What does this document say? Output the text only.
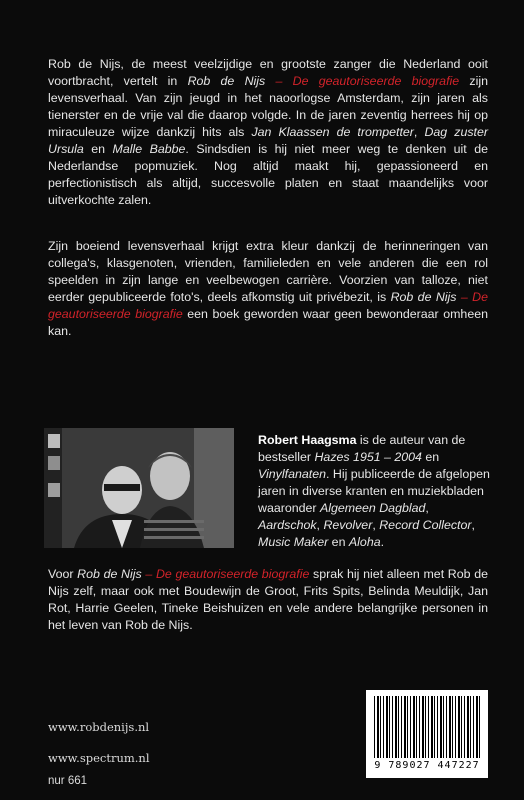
Rob de Nijs, de meest veelzijdige en grootste zanger die Nederland ooit voortbracht, vertelt in Rob de Nijs – De geautoriseerde biografie zijn levensverhaal. Van zijn jeugd in het naoorlogse Amsterdam, zijn jaren als tienerster en de vrije val die daarop volgde. In de jaren zeventig herrees hij op miraculeuze wijze dankzij hits als Jan Klaassen de trompetter, Dag zuster Ursula en Malle Babbe. Sindsdien is hij niet meer weg te denken uit de Nederlandse popmuziek. Nog altijd maakt hij, gepassioneerd en perfectionistisch als altijd, succesvolle platen en staat maandelijks voor uitverkochte zalen.

Zijn boeiend levensverhaal krijgt extra kleur dankzij de herinneringen van collega's, klasgenoten, vrienden, familieleden en vele anderen die een rol speelden in zijn lange en veelbewogen carrière. Voorzien van talloze, niet eerder gepubliceerde foto's, deels afkomstig uit privébezit, is Rob de Nijs – De geautoriseerde biografie een boek geworden waar geen bewonderaar omheen kan.

Robert Haagsma is de auteur van de bestseller Hazes 1951 – 2004 en Vinylfanaten. Hij publiceerde de afgelopen jaren in diverse kranten en muziekbladen waaronder Algemeen Dagblad, Aardschok, Revolver, Record Collector, Music Maker en Aloha.

Voor Rob de Nijs – De geautoriseerde biografie sprak hij niet alleen met Rob de Nijs zelf, maar ook met Boudewijn de Groot, Frits Spits, Belinda Meuldijk, Jan Rot, Harrie Geelen, Tineke Beishuizen en vele andere belangrijke personen in het leven van Rob de Nijs.

www.robdenijs.nl
www.spectrum.nl
nur 661
9 789027 447227
